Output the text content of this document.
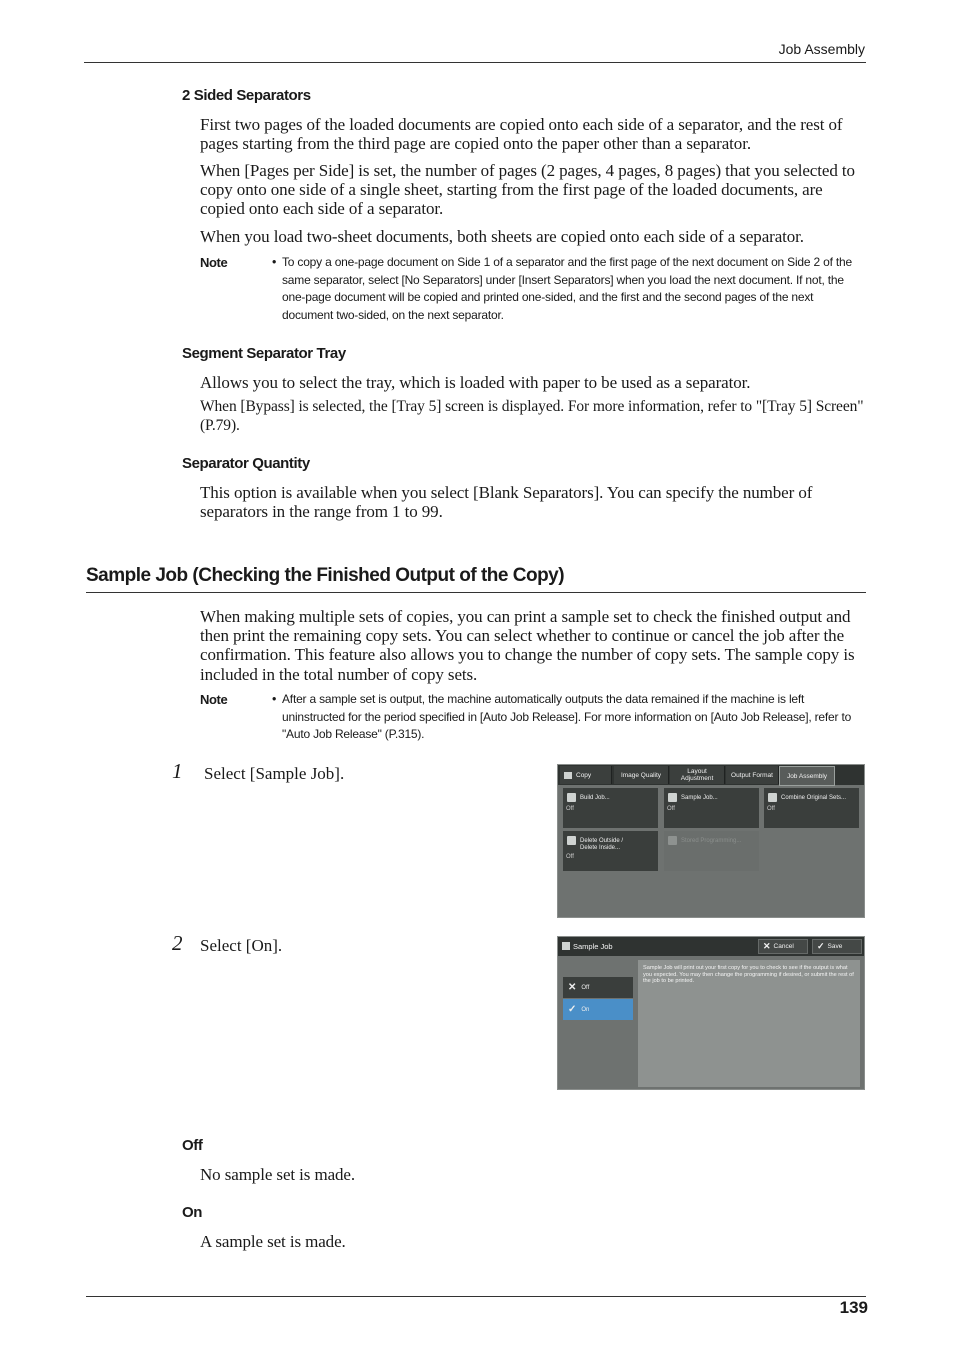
Job Assembly
2 Sided Separators
First two pages of the loaded documents are copied onto each side of a separator, and the rest of pages starting from the third page are copied onto the paper other than a separator.
When [Pages per Side] is set, the number of pages (2 pages, 4 pages, 8 pages) that you selected to copy onto one side of a single sheet, starting from the first page of the loaded documents, are copied onto each side of a separator.
When you load two-sheet documents, both sheets are copied onto each side of a separator.
Note	• To copy a one-page document on Side 1 of a separator and the first page of the next document on Side 2 of the same separator, select [No Separators] under [Insert Separators] when you load the next document. If not, the one-page document will be copied and printed one-sided, and the first and the second pages of the next document two-sided, on the next separator.
Segment Separator Tray
Allows you to select the tray, which is loaded with paper to be used as a separator.
When [Bypass] is selected, the [Tray 5] screen is displayed. For more information, refer to "[Tray 5] Screen" (P.79).
Separator Quantity
This option is available when you select [Blank Separators]. You can specify the number of separators in the range from 1 to 99.
Sample Job (Checking the Finished Output of the Copy)
When making multiple sets of copies, you can print a sample set to check the finished output and then print the remaining copy sets. You can select whether to continue or cancel the job after the confirmation. This feature also allows you to change the number of copy sets. The sample copy is included in the total number of copy sets.
Note	• After a sample set is output, the machine automatically outputs the data remained if the machine is left uninstructed for the period specified in [Auto Job Release]. For more information on [Auto Job Release], refer to "Auto Job Release" (P.315).
1 Select [Sample Job].	Copy	Image Quality	Layout
Adjustment	Output Format	Job Assembly
Build Job...
Off
Sample Job...
Off
Combine Original Sets...
Off
Delete Outside /
Delete Inside...
Off
Stored Programming...
2 Select [On].	Sample Job	✕ Cancel	✓ Save
✕ Off
✓ On
Sample Job will print out your first copy for you to check to see if the output is what you expected. You may then change the programming if desired, or submit the rest of the job to be printed.
Off
No sample set is made.
On
A sample set is made.
139
